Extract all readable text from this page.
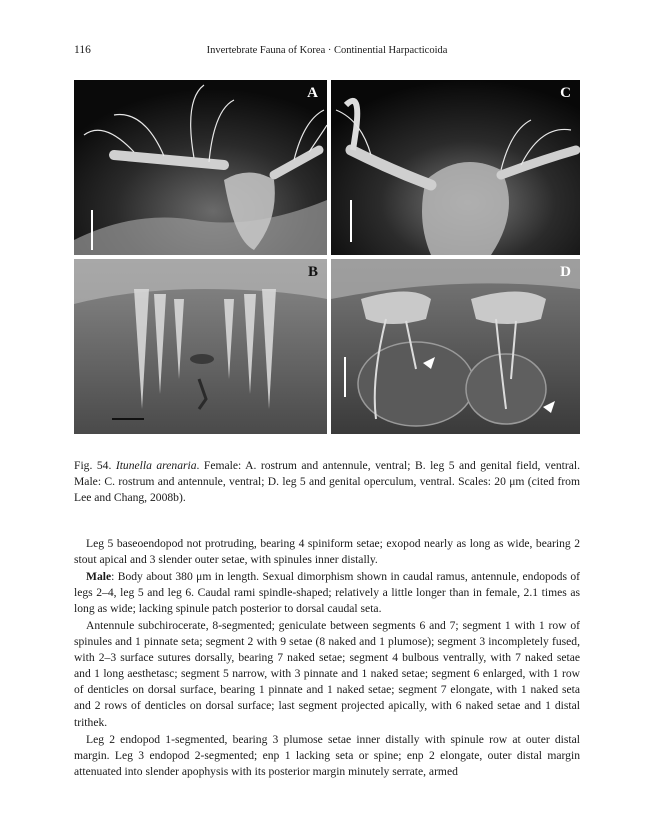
116	Invertebrate Fauna of Korea · Continential Harpacticoida
A	C
B	D
Fig. 54. Itunella arenaria. Female: A. rostrum and antennule, ventral; B. leg 5 and genital field, ventral. Male: C. rostrum and antennule, ventral; D. leg 5 and genital operculum, ventral. Scales: 20 μm (cited from Lee and Chang, 2008b).

Leg 5 baseoendopod not protruding, bearing 4 spiniform setae; exopod nearly as long as wide, bearing 2 stout apical and 3 slender outer setae, with spinules inner distally.

Male: Body about 380 μm in length. Sexual dimorphism shown in caudal ramus, antennule, endopods of legs 2–4, leg 5 and leg 6. Caudal rami spindle-shaped; relatively a little longer than in female, 2.1 times as long as wide; lacking spinule patch posterior to dorsal caudal seta.

Antennule subchirocerate, 8-segmented; geniculate between segments 6 and 7; segment 1 with 1 row of spinules and 1 pinnate seta; segment 2 with 9 setae (8 naked and 1 plumose); segment 3 incompletely fused, with 2–3 surface sutures dorsally, bearing 7 naked setae; segment 4 bulbous ventrally, with 7 naked setae and 1 long aesthetasc; segment 5 narrow, with 3 pinnate and 1 naked setae; segment 6 enlarged, with 1 row of denticles on dorsal surface, bearing 1 pinnate and 1 naked setae; segment 7 elongate, with 1 naked seta and 2 rows of denticles on dorsal surface; last segment projected apically, with 6 naked setae and 1 distal trithek.

Leg 2 endopod 1-segmented, bearing 3 plumose setae inner distally with spinule row at outer distal margin. Leg 3 endopod 2-segmented; enp 1 lacking seta or spine; enp 2 elongate, outer distal margin attenuated into slender apophysis with its posterior margin minutely serrate, armed
